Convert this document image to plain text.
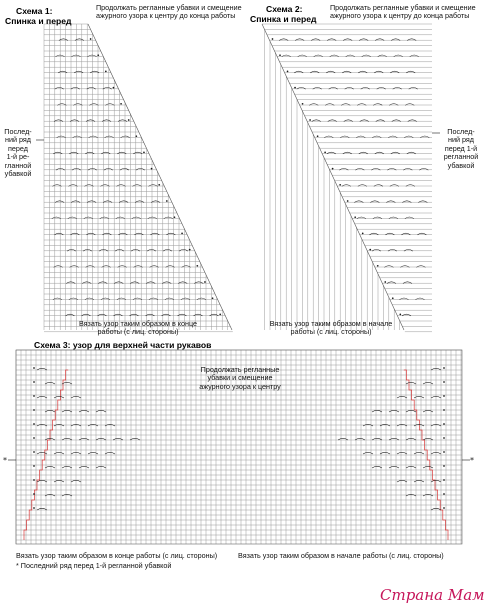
*	*
Схема 1:
Спинка и перед
Продолжать регланные убавки и смещение
ажурного узора к центру до конца работы
Послед-
ний ряд
перед
1-й ре-
гланной
убавкой
Вязать узор таким образом в конце
работы (с лиц. стороны)
Схема 2:
Спинка и перед
Продолжать регланные убавки и смещение
ажурного узора к центру до конца работы
Послед-
ний ряд
перед 1-й
регланной
убавкой
Вязать узор таким образом в начале
работы (с лиц. стороны)
Схема 3: узор для верхней части рукавов
Продолжать регланные
убавки и смещение
ажурного узора к центру
Вязать узор таким образом в конце работы (с лиц. стороны)	Вязать узор таким образом в начале работы (с лиц. стороны)
* Последний ряд перед 1-й регланной убавкой
Страна Мам
